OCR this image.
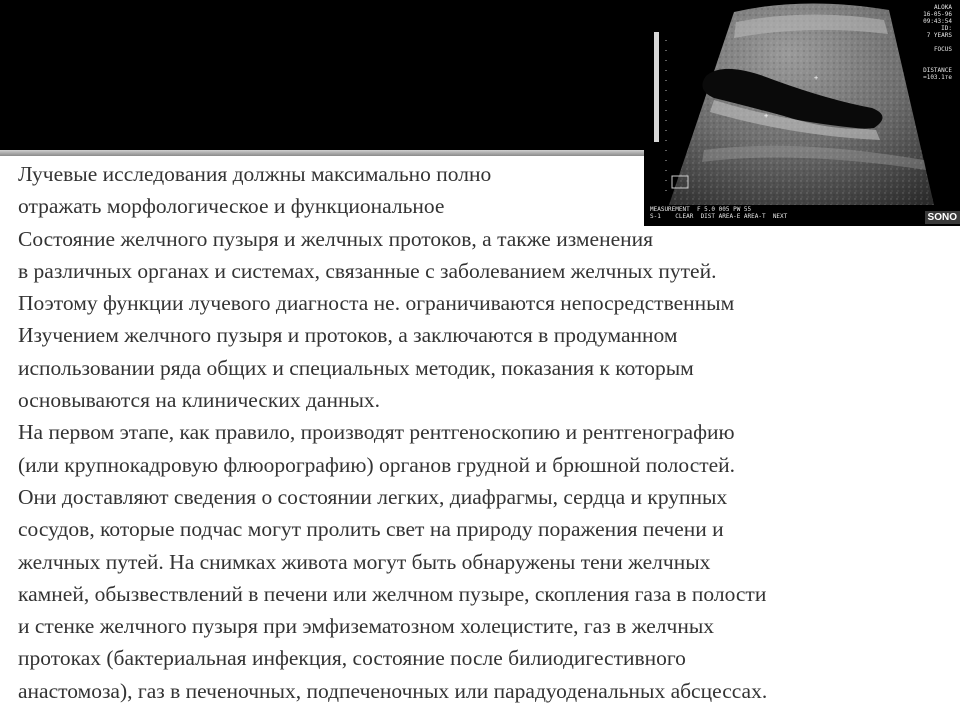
+
+
ALOKA
16-05-96
09:43:54
ID:
7 YEARS

FOCUS

DISTANCE
=103.1те
MEASUREMENT  F 5.0 005 PW 55
S-1    CLEAR  DIST AREA-E AREA-T  NEXT	SONO
Лучевые исследования должны максимально полно
отражать морфологическое и функциональное
Состояние желчного пузыря и желчных протоков, а также изменения
в различных органах и системах, связанные с заболеванием желчных путей.
Поэтому функции лучевого диагноста не. ограничиваются непосредственным
Изучением желчного пузыря и протоков, а заключаются в продуманном
использовании ряда общих и специальных методик, показания к которым
основываются на клинических данных.
На первом этапе, как правило, производят рентгеноскопию и рентгенографию
(или крупнокадровую флюорографию) органов грудной и брюшной полостей.
Они доставляют сведения о состоянии легких, диафрагмы, сердца и крупных
сосудов, которые подчас могут пролить свет на природу поражения печени и
желчных путей. На снимках живота могут быть обнаружены тени желчных
камней, обызвествлений в печени или желчном пузыре, скопления газа в полости
и стенке желчного пузыря при эмфизематозном холецистите, газ в желчных
протоках (бактериальная инфекция, состояние после билиодигестивного
анастомоза), газ в печеночных, подпеченочных или парадуоденальных абсцессах.
